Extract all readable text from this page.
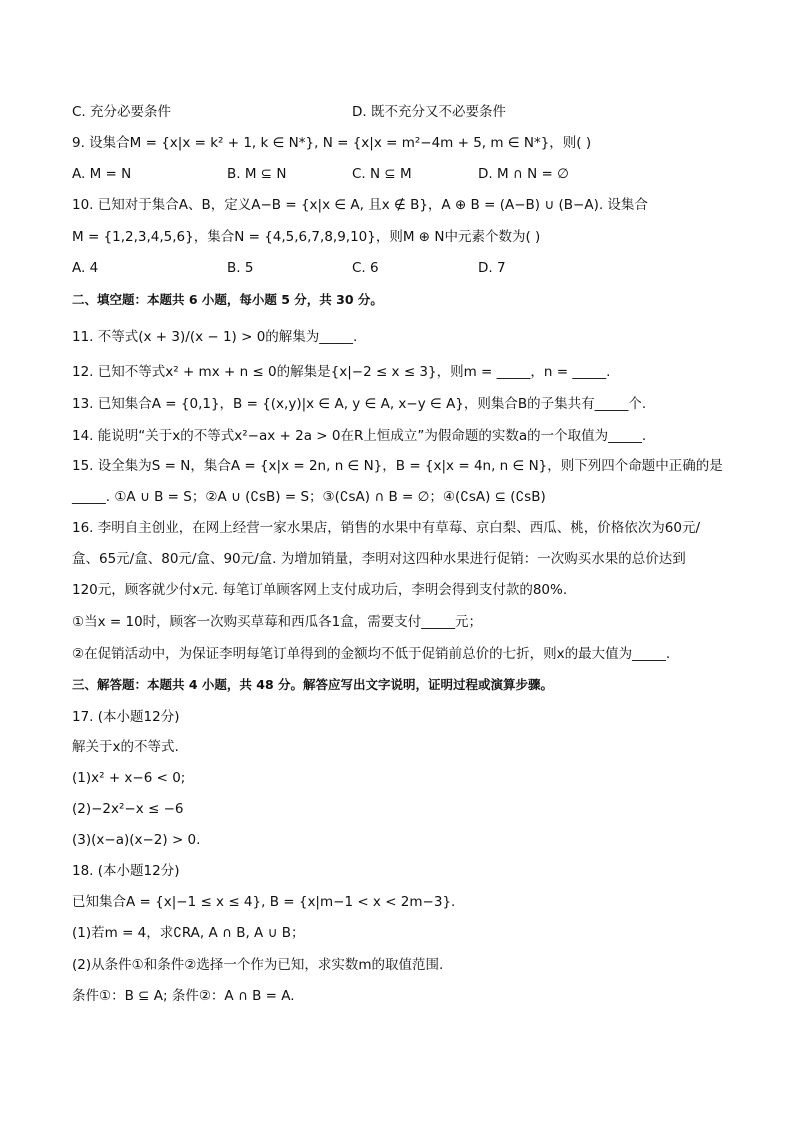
C. 充分必要条件	D. 既不充分又不必要条件
9. 设集合M = {x|x = k² + 1, k ∈ N*}, N = {x|x = m²−4m + 5, m ∈ N*}，则( )
A. M = N	B. M ⊆ N	C. N ⊆ M	D. M ∩ N = ∅
10. 已知对于集合A、B，定义A−B = {x|x ∈ A, 且x ∉ B}，A ⊕ B = (A−B) ∪ (B−A). 设集合
M = {1,2,3,4,5,6}，集合N = {4,5,6,7,8,9,10}，则M ⊕ N中元素个数为( )
A. 4	B. 5	C. 6	D. 7
二、填空题：本题共 6 小题，每小题 5 分，共 30 分。
11. 不等式(x + 3)/(x − 1) > 0的解集为_____.
12. 已知不等式x² + mx + n ≤ 0的解集是{x|−2 ≤ x ≤ 3}，则m = _____，n = _____.
13. 已知集合A = {0,1}，B = {(x,y)|x ∈ A, y ∈ A, x−y ∈ A}，则集合B的子集共有_____个.
14. 能说明“关于x的不等式x²−ax + 2a > 0在R上恒成立”为假命题的实数a的一个取值为_____.
15. 设全集为S = N，集合A = {x|x = 2n, n ∈ N}，B = {x|x = 4n, n ∈ N}，则下列四个命题中正确的是
_____. ①A ∪ B = S；②A ∪ (∁sB) = S；③(∁sA) ∩ B = ∅；④(∁sA) ⊆ (∁sB)
16. 李明自主创业，在网上经营一家水果店，销售的水果中有草莓、京白梨、西瓜、桃，价格依次为60元/
盒、65元/盒、80元/盒、90元/盒. 为增加销量，李明对这四种水果进行促销：一次购买水果的总价达到
120元，顾客就少付x元. 每笔订单顾客网上支付成功后，李明会得到支付款的80%.
①当x = 10时，顾客一次购买草莓和西瓜各1盒，需要支付_____元；
②在促销活动中，为保证李明每笔订单得到的金额均不低于促销前总价的七折，则x的最大值为_____.
三、解答题：本题共 4 小题，共 48 分。解答应写出文字说明，证明过程或演算步骤。
17. (本小题12分)
解关于x的不等式.
(1)x² + x−6 < 0;
(2)−2x²−x ≤ −6
(3)(x−a)(x−2) > 0.
18. (本小题12分)
已知集合A = {x|−1 ≤ x ≤ 4}, B = {x|m−1 < x < 2m−3}.
(1)若m = 4，求∁RA, A ∩ B, A ∪ B；
(2)从条件①和条件②选择一个作为已知，求实数m的取值范围.
条件①：B ⊆ A; 条件②：A ∩ B = A.
